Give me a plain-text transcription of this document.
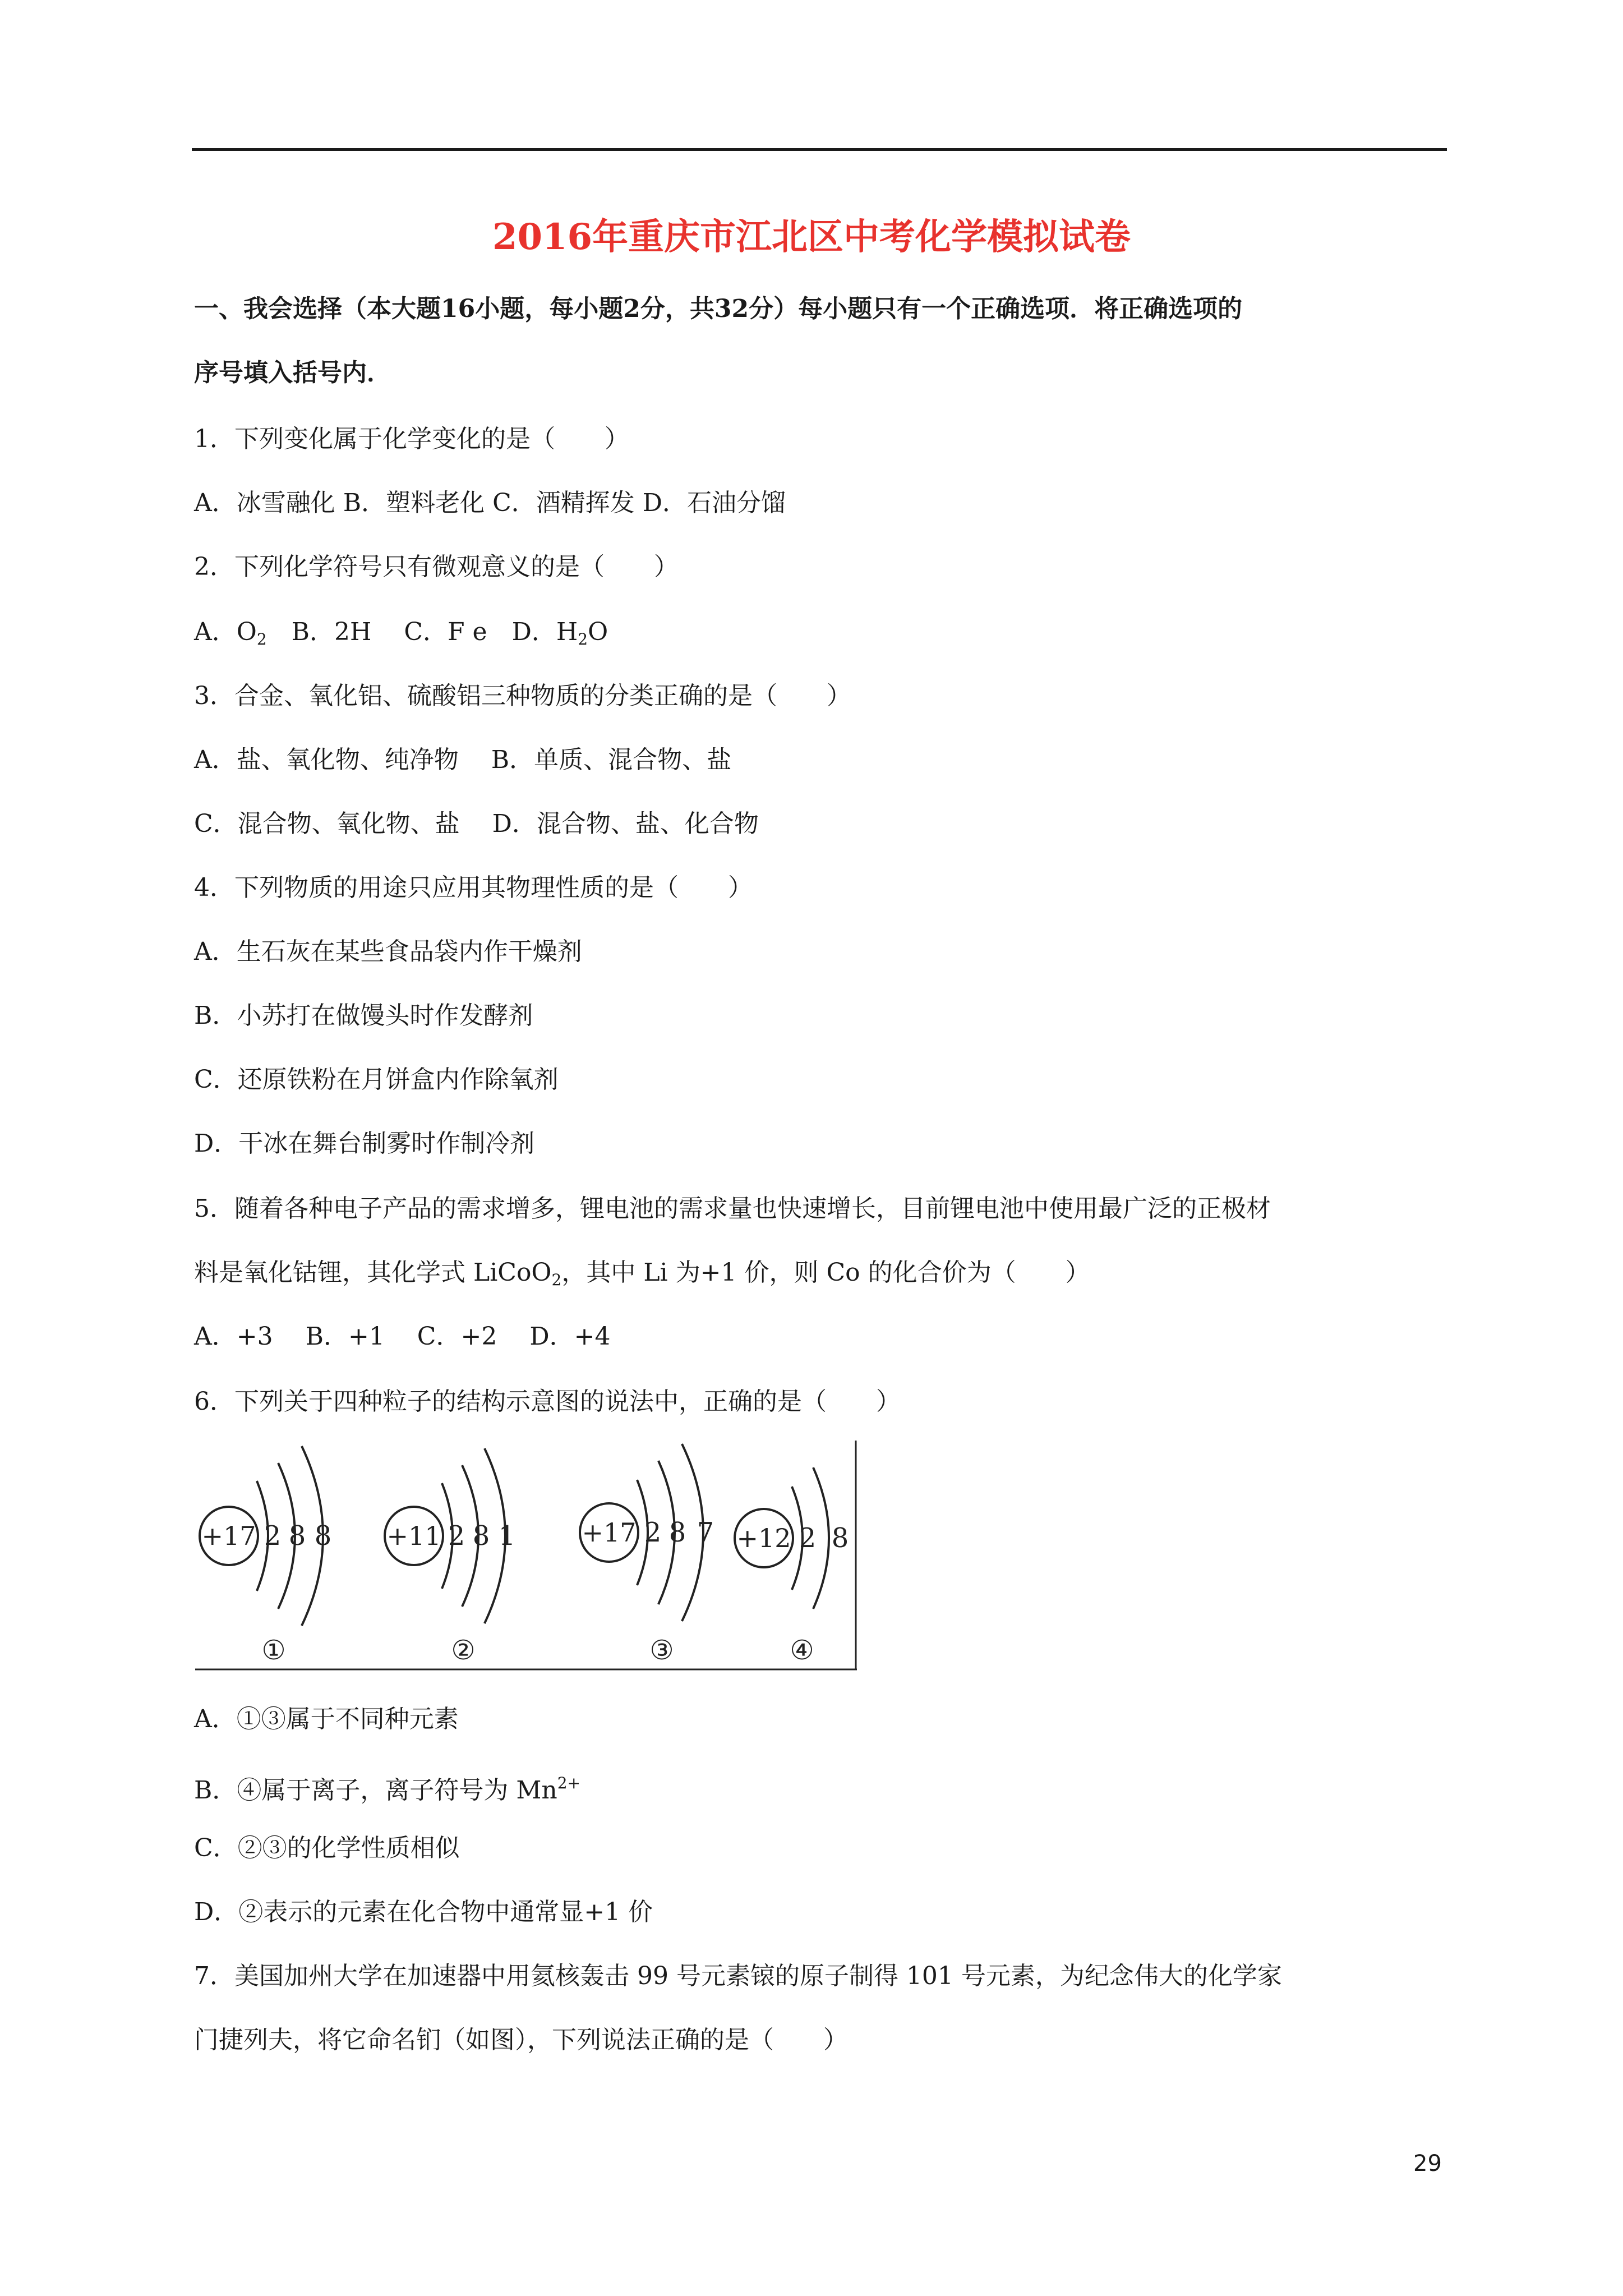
2016年重庆市江北区中考化学模拟试卷
一、我会选择（本大题16小题，每小题2分，共32分）每小题只有一个正确选项．将正确选项的
序号填入括号内．
1．下列变化属于化学变化的是（　　）
A．冰雪融化 B．塑料老化 C．酒精挥发 D．石油分馏
2．下列化学符号只有微观意义的是（　　）
A．$O_2$　B．2H　 C．F e　D．$H_2O$
3．合金、氧化铝、硫酸铝三种物质的分类正确的是（　　）
A．盐、氧化物、纯净物　 B．单质、混合物、盐
C．混合物、氧化物、盐　 D．混合物、盐、化合物
4．下列物质的用途只应用其物理性质的是（　　）
A．生石灰在某些食品袋内作干燥剂
B．小苏打在做馒头时作发酵剂
C．还原铁粉在月饼盒内作除氧剂
D．干冰在舞台制雾时作制冷剂
5．随着各种电子产品的需求增多，锂电池的需求量也快速增长，目前锂电池中使用最广泛的正极材
料是氧化钴锂，其化学式 LiCoO$_2$，其中 Li 为+1 价，则 Co 的化合价为（　　）
A．+3　 B．+1　 C．+2　 D．+4
6．下列关于四种粒子的结构示意图的说法中，正确的是（　　）
+17 2 8 8
①
+11 2 8 1
②
+17 2 8 7
③
+12 2 8
④
A．①③属于不同种元素
B．④属于离子，离子符号为 $Mn^{2+}$
C．②③的化学性质相似
D．②表示的元素在化合物中通常显+1 价
7．美国加州大学在加速器中用氦核轰击 99 号元素锿的原子制得 101 号元素，为纪念伟大的化学家
门捷列夫，将它命名钔（如图），下列说法正确的是（　　）
29
